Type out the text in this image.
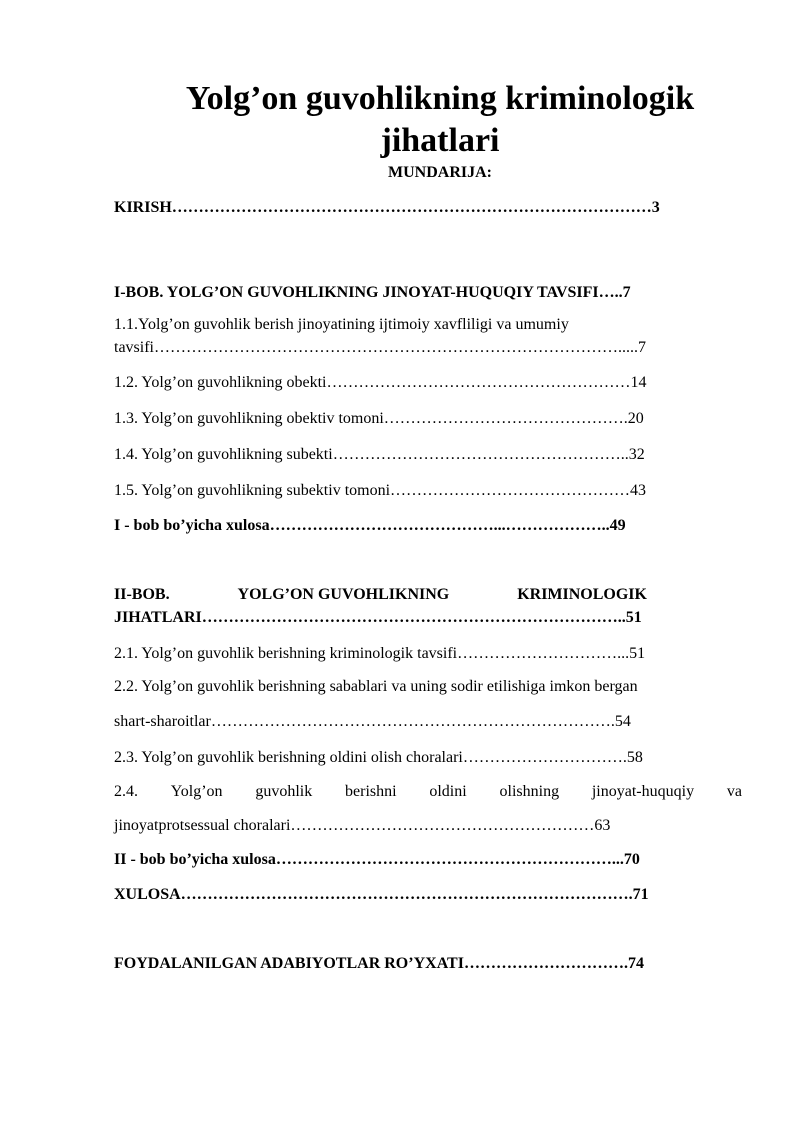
Yolg’on guvohlikning kriminologik
jihatlari
MUNDARIJA:
KIRISH………………………………………………………………………………3
I-BOB. YOLG’ON GUVOHLIKNING JINOYAT-HUQUQIY TAVSIFI…..7
1.1.Yolg’on guvohlik berish jinoyatining ijtimoiy xavfliligi va umumiy
tavsifi…………………………………………………………………………….....7
1.2. Yolg’on guvohlikning obekti…………………………………………………14
1.3. Yolg’on guvohlikning obektiv tomoni……………………………………….20
1.4. Yolg’on guvohlikning subekti………………………………………………..32
1.5. Yolg’on guvohlikning subektiv tomoni………………………………………43
I - bob bo’yicha xulosa……………………………………...………………..49
II-BOB.	YOLG’ON GUVOHLIKNING	KRIMINOLOGIK
JIHATLARI……………………………………………………………………..51
2.1. Yolg’on guvohlik berishning kriminologik tavsifi…………………………...51
2.2. Yolg’on guvohlik berishning sabablari va uning sodir etilishiga imkon bergan
shart-sharoitlar………………………………………………………………….54
2.3. Yolg’on guvohlik berishning oldini olish choralari………………………….58
2.4. Yolg’on guvohlik berishni oldini olishning jinoyat-huquqiy va
jinoyatprotsessual choralari…………………………………………………63
II - bob bo’yicha xulosa………………………………………………………...70
XULOSA………………………………………………………………………….71
FOYDALANILGAN ADABIYOTLAR RO’YXATI………………………….74
